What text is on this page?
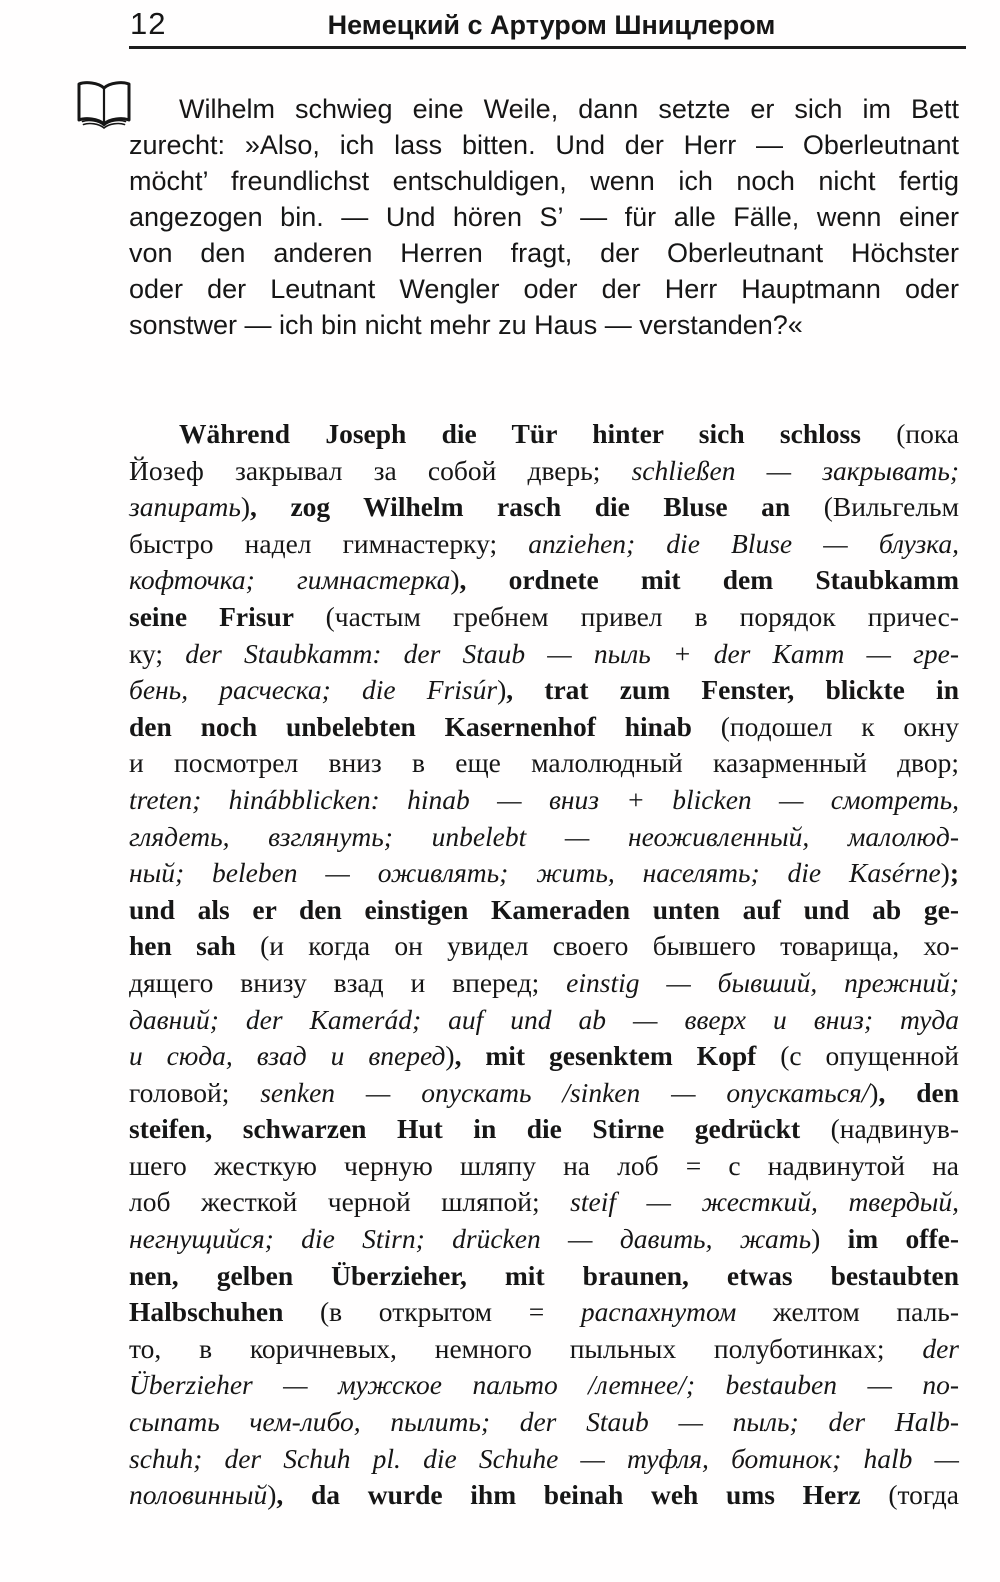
12	Немецкий с Артуром Шницлером
Wilhelm schwieg eine Weile, dann setzte er sich im Bett
zurecht: »Also, ich lass bitten. Und der Herr — Oberleutnant
möcht’ freundlichst entschuldigen, wenn ich noch nicht fertig
angezogen bin. — Und hören S’ — für alle Fälle, wenn einer
von den anderen Herren fragt, der Oberleutnant Höchster
oder der Leutnant Wengler oder der Herr Hauptmann oder
sonstwer — ich bin nicht mehr zu Haus — verstanden?«
Während Joseph die Tür hinter sich schloss (пока
Йозеф закрывал за собой дверь; schließen — закрывать;
запирать), zog Wilhelm rasch die Bluse an (Вильгельм
быстро надел гимнастерку; anziehen; die Bluse — блузка,
кофточка; гимнастерка), ordnete mit dem Staubkamm
seine Frisur (частым гребнем привел в порядок причес-
ку; der Staubkamm: der Staub — пыль + der Kamm — гре-
бень, расческа; die Frisúr), trat zum Fenster, blickte in
den noch unbelebten Kasernenhof hinab (подошел к окну
и посмотрел вниз в еще малолюдный казарменный двор;
treten; hinábblicken: hinab — вниз + blicken — смотреть,
глядеть, взглянуть; unbelebt — неоживленный, малолюд-
ный; beleben — оживлять; жить, населять; die Kasérne);
und als er den einstigen Kameraden unten auf und ab ge-
hen sah (и когда он увидел своего бывшего товарища, хо-
дящего внизу взад и вперед; einstig — бывший, прежний;
давний; der Kamerád; auf und ab — вверх и вниз; туда
и сюда, взад и вперед), mit gesenktem Kopf (с опущенной
головой; senken — опускать /sinken — опускаться/), den
steifen, schwarzen Hut in die Stirne gedrückt (надвинув-
шего жесткую черную шляпу на лоб = с надвинутой на
лоб жесткой черной шляпой; steif — жесткий, твердый,
негнущийся; die Stirn; drücken — давить, жать) im offe-
nen, gelben Überzieher, mit braunen, etwas bestaubten
Halbschuhen (в открытом = распахнутом желтом паль-
то, в коричневых, немного пыльных полуботинках; der
Überzieher — мужское пальто /летнее/; bestauben — по-
сыпать чем-либо, пылить; der Staub — пыль; der Halb-
schuh; der Schuh pl. die Schuhe — туфля, ботинок; halb —
половинный), da wurde ihm beinah weh ums Herz (тогда
